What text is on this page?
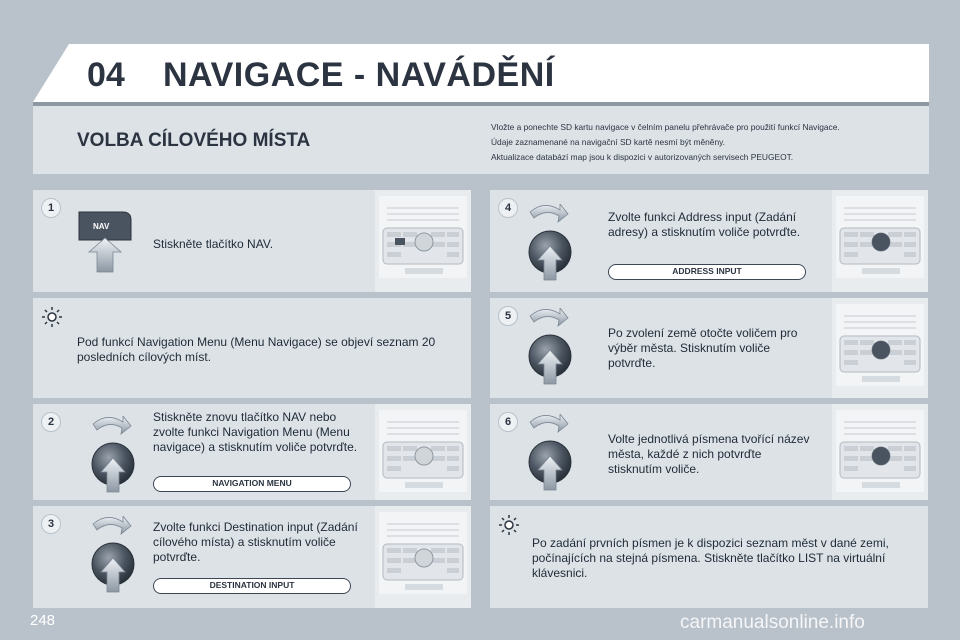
04 NAVIGACE - NAVÁDĚNÍ
VOLBA CÍLOVÉHO MÍSTA
Vložte a ponechte SD kartu navigace v čelním panelu přehrávače pro použití funkcí Navigace.
Údaje zaznamenané na navigační SD kartě nesmí být měněny.
Aktualizace databází map jsou k dispozici v autorizovaných servisech PEUGEOT.
1
NAV
Stiskněte tlačítko NAV.
Pod funkcí Navigation Menu (Menu Navigace) se objeví seznam 20 posledních cílových míst.
2	Stiskněte znovu tlačítko NAV nebo zvolte funkci Navigation Menu (Menu navigace) a stisknutím voliče potvrďte.
NAVIGATION MENU
3	Zvolte funkci Destination input (Zadání cílového místa) a stisknutím voliče potvrďte.
DESTINATION INPUT
4
Zvolte funkci Address input (Zadání adresy) a stisknutím voliče potvrďte.
ADDRESS INPUT
5
Po zvolení země otočte voličem pro výběr města. Stisknutím voliče potvrďte.
6
Volte jednotlivá písmena tvořící název města, každé z nich potvrďte stisknutím voliče.
Po zadání prvních písmen je k dispozici seznam měst v dané zemi, počínajících na stejná písmena. Stiskněte tlačítko LIST na virtuální klávesnici.
248	carmanualsonline.info
